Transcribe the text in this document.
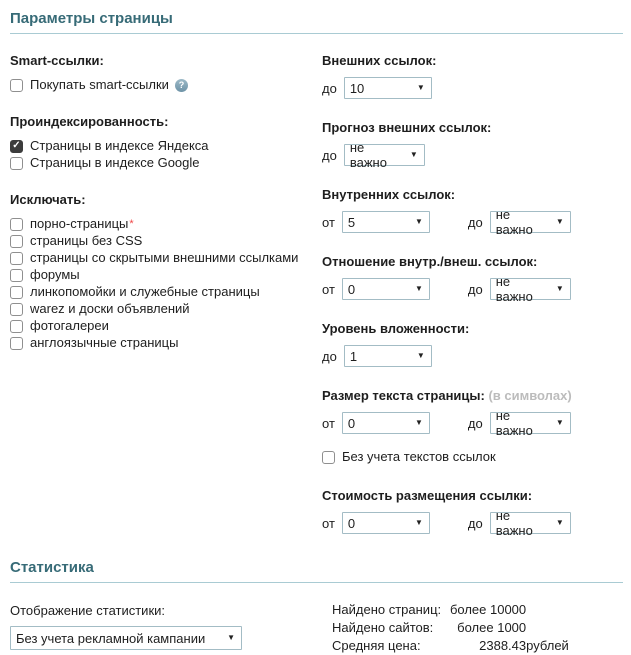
Параметры страницы
Smart-ссылки:
Покупать smart-ссылки	?
Проиндексированность:
✓ Страницы в индексе Яндекса
Страницы в индексе Google
Исключать:
порно-страницы *
страницы без CSS
страницы со скрытыми внешними ссылками
форумы
линкопомойки и служебные страницы
warez и доски объявлений
фотогалереи
англоязычные страницы
Внешних ссылок:
до 10	▼
Прогноз внешних ссылок:
до не важно
▼
Внутренних ссылок:
от 5	▼	до не важно
▼
Отношение внутр./внеш. ссылок:
от 0	▼	до не важно
▼
Уровень вложенности:
до 1	▼
Размер текста страницы: (в символах)
от 0	▼	до не важно
▼
Без учета текстов ссылок
Стоимость размещения ссылки:
от 0	▼	до не важно
▼
Статистика
Отображение статистики:
Без учета рекламной кампании	▼
Найдено страниц:	более 10000	
Найдено сайтов:	более 1000	
Средняя цена:	2388.43	рублей
